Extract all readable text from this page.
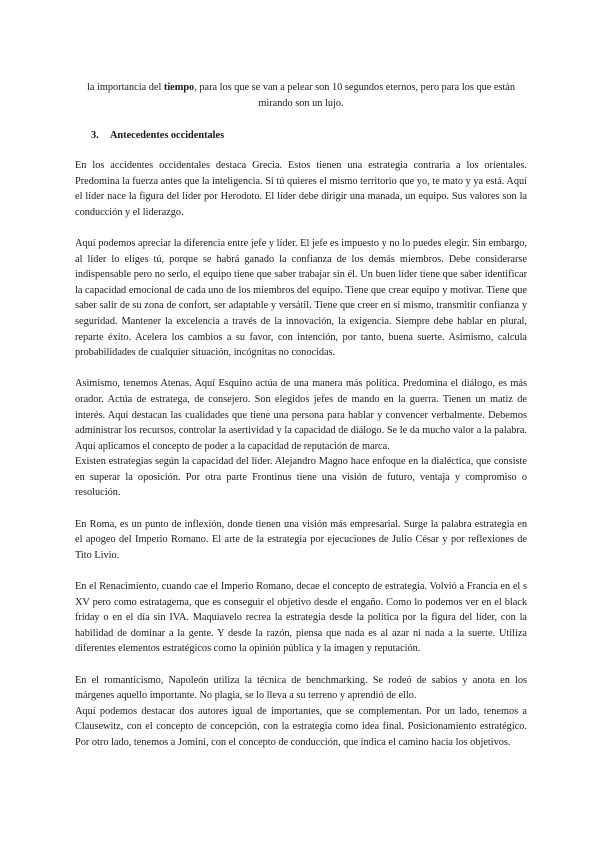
la importancia del tiempo, para los que se van a pelear son 10 segundos eternos, pero para los que están mirando son un lujo.

3. Antecedentes occidentales

En los accidentes occidentales destaca Grecia. Estos tienen una estrategia contraria a los orientales. Predomina la fuerza antes que la inteligencia. Si tú quieres el mismo territorio que yo, te mato y ya está. Aquí el líder nace la figura del líder por Herodoto. El líder debe dirigir una manada, un equipo. Sus valores son la conducción y el liderazgo.

Aquí podemos apreciar la diferencia entre jefe y líder. El jefe es impuesto y no lo puedes elegir. Sin embargo, al líder lo eliges tú, porque se habrá ganado la confianza de los demás miembros. Debe considerarse indispensable pero no serlo, el equipo tiene que saber trabajar sin él. Un buen líder tiene que saber identificar la capacidad emocional de cada uno de los miembros del equipo. Tiene que crear equipo y motivar. Tiene que saber salir de su zona de confort, ser adaptable y versátil. Tiene que creer en sí mismo, transmitir confianza y seguridad. Mantener la excelencia a través de la innovación, la exigencia. Siempre debe hablar en plural, reparte éxito. Acelera los cambios a su favor, con intención, por tanto, buena suerte. Asimismo, calcula probabilidades de cualquier situación, incógnitas no conocidas.

Asimismo, tenemos Atenas. Aquí Esquino actúa de una manera más política. Predomina el diálogo, es más orador. Actúa de estratega, de consejero. Son elegidos jefes de mando en la guerra. Tienen un matiz de interés. Aquí destacan las cualidades que tiene una persona para hablar y convencer verbalmente. Debemos administrar los recursos, controlar la asertividad y la capacidad de diálogo. Se le da mucho valor a la palabra. Aquí aplicamos el concepto de poder a la capacidad de reputación de marca.

Existen estrategias según la capacidad del líder. Alejandro Magno hace enfoque en la dialéctica, que consiste en superar la oposición. Por otra parte Frontinus tiene una visión de futuro, ventaja y compromiso o resolución.

En Roma, es un punto de inflexión, donde tienen una visión más empresarial. Surge la palabra estrategia en el apogeo del Imperio Romano. El arte de la estrategia por ejecuciones de Julio César y por reflexiones de Tito Livio.

En el Renacimiento, cuando cae el Imperio Romano, decae el concepto de estrategia. Volvió a Francia en el s XV pero como estratagema, que es conseguir el objetivo desde el engaño. Como lo podemos ver en el black friday o en el día sin IVA. Maquiavelo recrea la estrategia desde la política por la figura del líder, con la habilidad de dominar a la gente. Y desde la razón, piensa que nada es al azar ni nada a la suerte. Utiliza diferentes elementos estratégicos como la opinión pública y la imagen y reputación.

En el romanticismo, Napoleón utiliza la técnica de benchmarking. Se rodeó de sabios y anota en los márgenes aquello importante. No plagia, se lo lleva a su terreno y aprendió de ello.

Aquí podemos destacar dos autores igual de importantes, que se complementan. Por un lado, tenemos a Clausewitz, con el concepto de concepción, con la estrategia como idea final. Posicionamiento estratégico. Por otro lado, tenemos a Jomini, con el concepto de conducción, que indica el camino hacia los objetivos.
